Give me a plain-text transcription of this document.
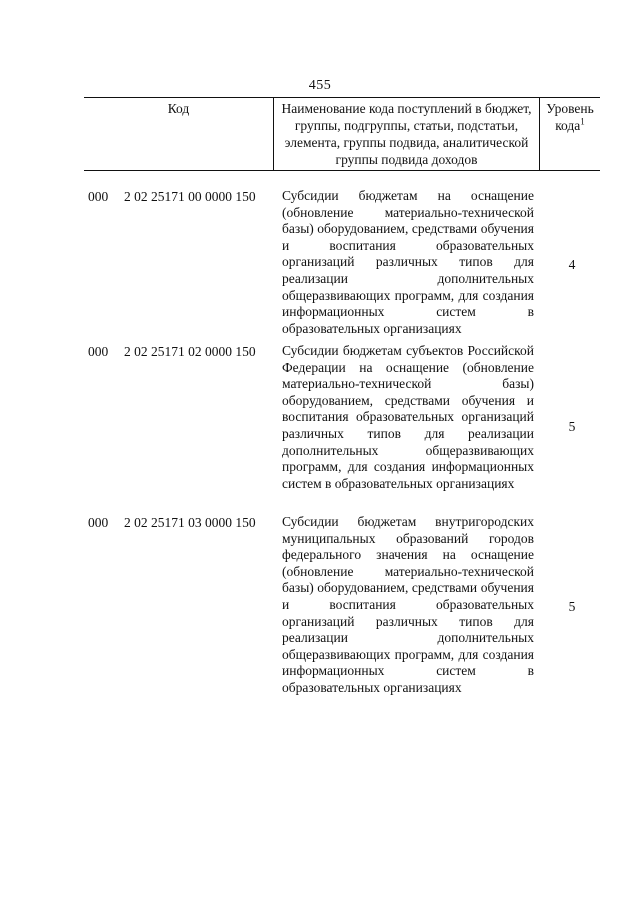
455
Код	Наименование кода поступлений в бюджет, группы, подгруппы, статьи, подстатьи, элемента, группы подвида, аналитической группы подвида доходов
Уровень кода$^1$
000 2 02 25171 00 0000 150 Субсидии бюджетам на оснащение (обновление материально-технической базы) оборудованием, средствами обучения и воспитания образовательных организаций различных типов для реализации дополнительных общеразвивающих программ, для создания информационных систем в образовательных организациях
4
000 2 02 25171 02 0000 150 Субсидии бюджетам субъектов Российской Федерации на оснащение (обновление материально-технической базы) оборудованием, средствами обучения и воспитания образовательных организаций различных типов для реализации дополнительных общеразвивающих программ, для создания информационных систем в образовательных организациях
5
000 2 02 25171 03 0000 150 Субсидии бюджетам внутригородских муниципальных образований городов федерального значения на оснащение (обновление материально-технической базы) оборудованием, средствами обучения и воспитания образовательных организаций различных типов для реализации дополнительных общеразвивающих программ, для создания информационных систем в образовательных организациях
5
